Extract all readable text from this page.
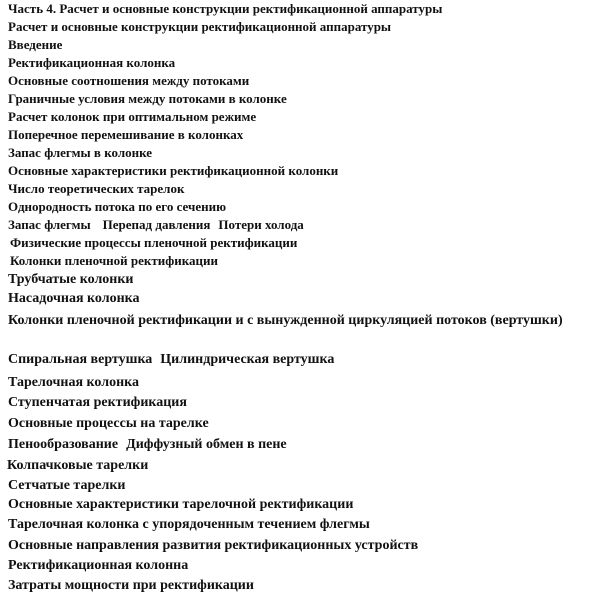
Часть 4. Расчет и основные конструкции ректификационной аппаратуры
Расчет и основные конструкции ректификационной аппаратуры
Введение
Ректификационная колонка
Основные соотношения между потоками
Граничные условия между потоками в колонке
Расчет колонок при оптимальном режиме
Поперечное перемешивание в колонках
Запас флегмы в колонке
Основные характеристики ректификационной колонки
Число теоретических тарелок
Однородность потока по его сечению
Запас флегмы Перепад давления Потери холода
Физические процессы пленочной ректификации
Колонки пленочной ректификации
Трубчатые колонки
Насадочная колонка
Колонки пленочной ректификации и с вынужденной циркуляцией потоков (вертушки)
Спиральная вертушка Цилиндрическая вертушка
Тарелочная колонка
Ступенчатая ректификация
Основные процессы на тарелке
Пенообразование Диффузный обмен в пене
Колпачковые тарелки
Сетчатые тарелки
Основные характеристики тарелочной ректификации
Тарелочная колонка с упорядоченным течением флегмы
Основные направления развития ректификационных устройств
Ректификационная колонна
Затраты мощности при ректификации
